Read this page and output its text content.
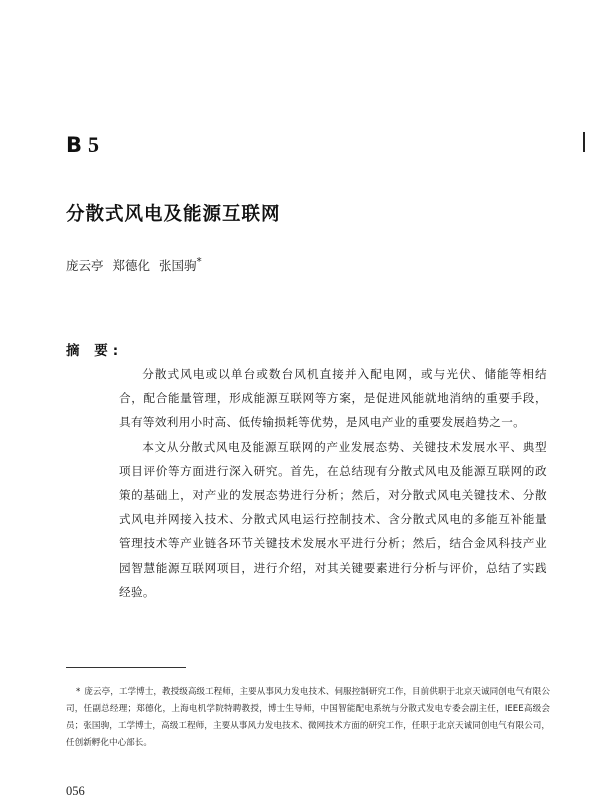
B 5
分散式风电及能源互联网
庞云亭 郑德化 张国驹*
摘 要:

分散式风电或以单台或数台风机直接并入配电网，或与光伏、储能等相结合，配合能量管理，形成能源互联网等方案，是促进风能就地消纳的重要手段，具有等效利用小时高、低传输损耗等优势，是风电产业的重要发展趋势之一。

本文从分散式风电及能源互联网的产业发展态势、关键技术发展水平、典型项目评价等方面进行深入研究。首先，在总结现有分散式风电及能源互联网的政策的基础上，对产业的发展态势进行分析；然后，对分散式风电关键技术、分散式风电并网接入技术、分散式风电运行控制技术、含分散式风电的多能互补能量管理技术等产业链各环节关键技术发展水平进行分析；然后，结合金风科技产业园智慧能源互联网项目，进行介绍，对其关键要素进行分析与评价，总结了实践经验。

* 庞云亭，工学博士，教授级高级工程师，主要从事风力发电技术、伺服控制研究工作，目前供职于北京天诚同创电气有限公司，任副总经理；郑德化，上海电机学院特聘教授，博士生导师，中国智能配电系统与分散式发电专委会副主任，IEEE高级会员；张国驹，工学博士，高级工程师，主要从事风力发电技术、微网技术方面的研究工作，任职于北京天诚同创电气有限公司，任创新孵化中心部长。
056
